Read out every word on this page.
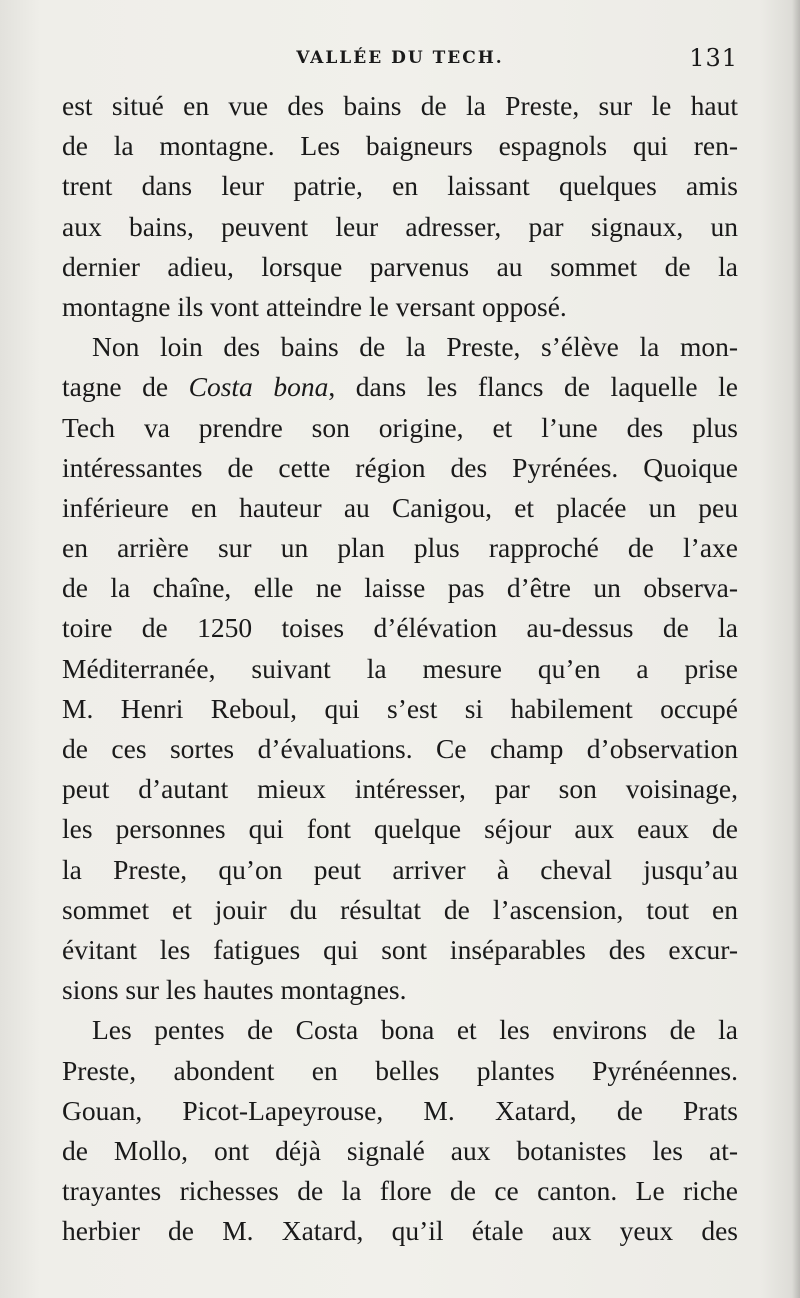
VALLÉE DU TECH.	131
est situé en vue des bains de la Preste, sur le haut
de la montagne. Les baigneurs espagnols qui ren-
trent dans leur patrie, en laissant quelques amis
aux bains, peuvent leur adresser, par signaux, un
dernier adieu, lorsque parvenus au sommet de la
montagne ils vont atteindre le versant opposé.
Non loin des bains de la Preste, s’élève la mon-
tagne de Costa bona, dans les flancs de laquelle le
Tech va prendre son origine, et l’une des plus
intéressantes de cette région des Pyrénées. Quoique
inférieure en hauteur au Canigou, et placée un peu
en arrière sur un plan plus rapproché de l’axe
de la chaîne, elle ne laisse pas d’être un observa-
toire de 1250 toises d’élévation au-dessus de la
Méditerranée, suivant la mesure qu’en a prise
M. Henri Reboul, qui s’est si habilement occupé
de ces sortes d’évaluations. Ce champ d’observation
peut d’autant mieux intéresser, par son voisinage,
les personnes qui font quelque séjour aux eaux de
la Preste, qu’on peut arriver à cheval jusqu’au
sommet et jouir du résultat de l’ascension, tout en
évitant les fatigues qui sont inséparables des excur-
sions sur les hautes montagnes.
Les pentes de Costa bona et les environs de la
Preste, abondent en belles plantes Pyrénéennes.
Gouan, Picot-Lapeyrouse, M. Xatard, de Prats
de Mollo, ont déjà signalé aux botanistes les at-
trayantes richesses de la flore de ce canton. Le riche
herbier de M. Xatard, qu’il étale aux yeux des
